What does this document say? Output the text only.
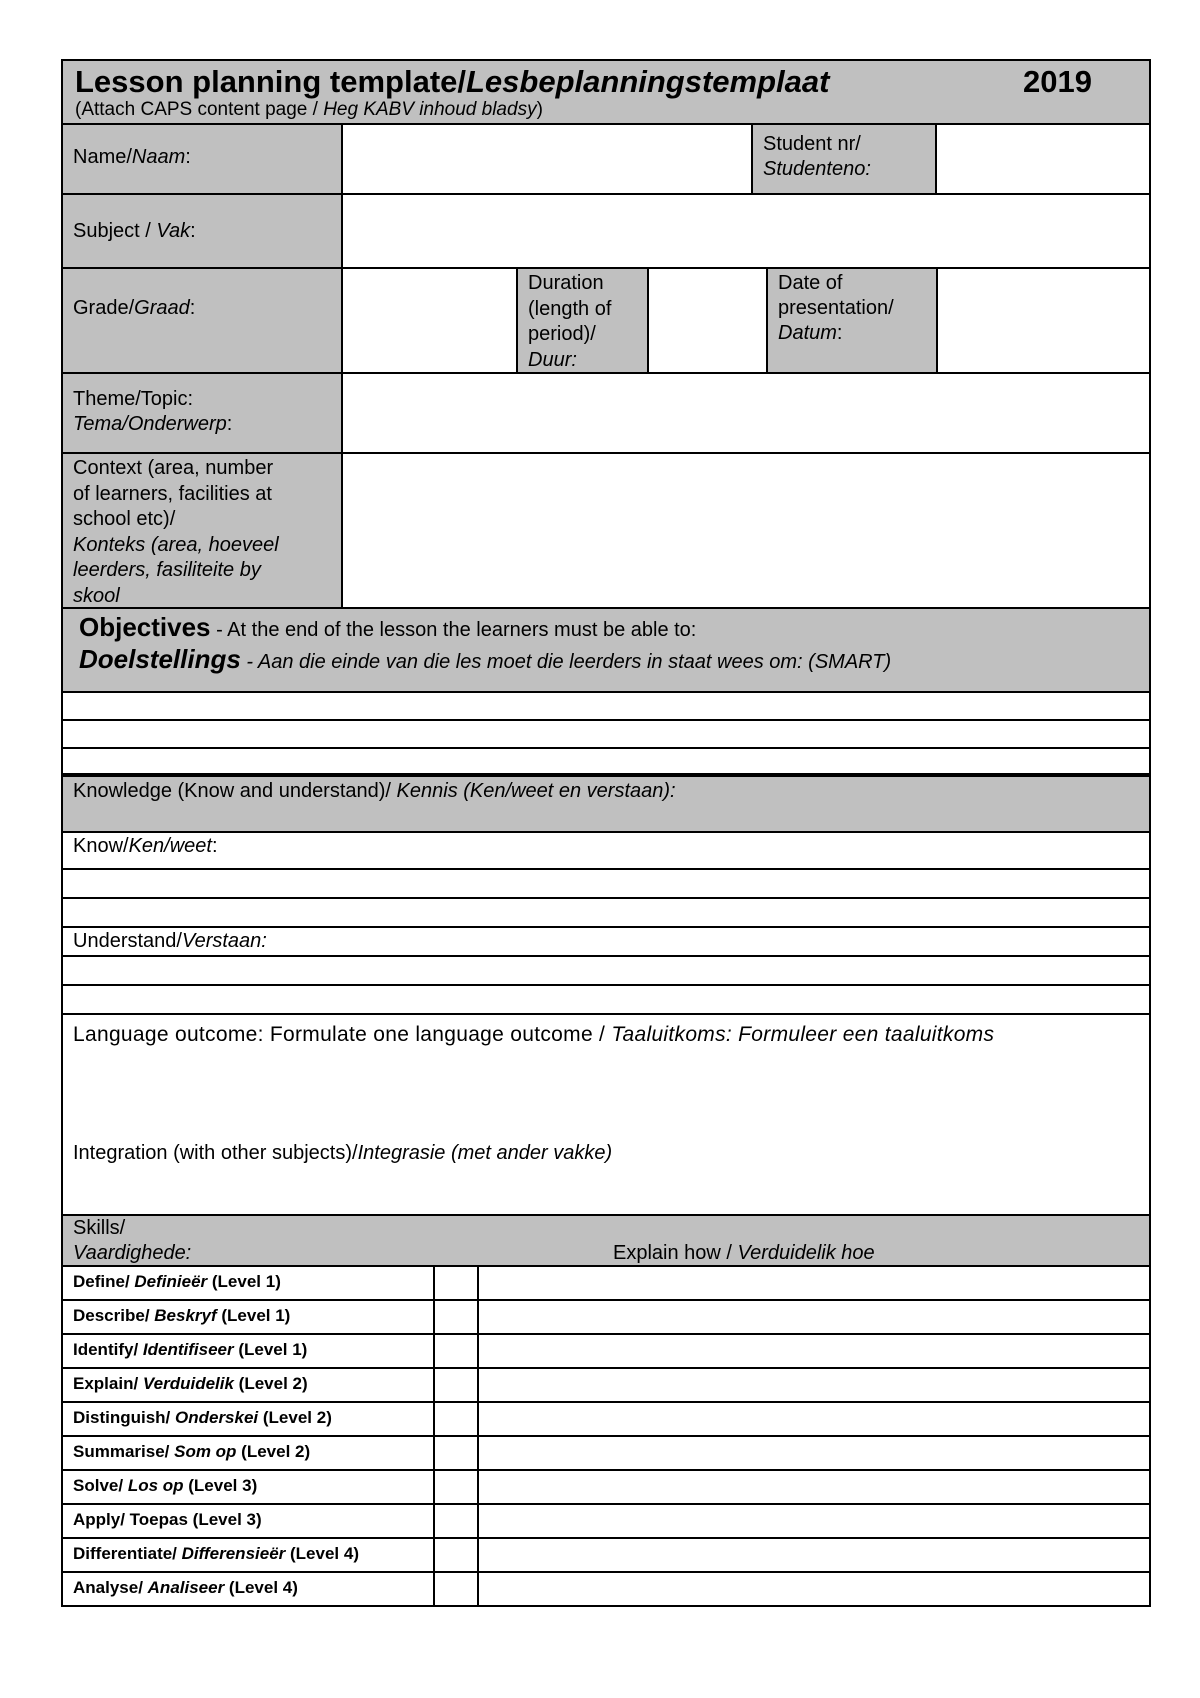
Lesson planning template/Lesbeplanningstemplaat	2019
(Attach CAPS content page / Heg KABV inhoud bladsy)
Name/Naam:
Student nr/
Studenteno:
Subject / Vak:
Grade/Graad:
Duration
(length of
period)/
Duur:
Date of
presentation/
Datum:
Theme/Topic:
Tema/Onderwerp:
Context (area, number
of learners, facilities at
school etc)/
Konteks (area, hoeveel
leerders, fasiliteite by
skool
Objectives - At the end of the lesson the learners must be able to:
Doelstellings - Aan die einde van die les moet die leerders in staat wees om: (SMART)
Knowledge (Know and understand)/ Kennis (Ken/weet en verstaan):
Know/Ken/weet:
Understand/Verstaan:
Language outcome: Formulate one language outcome / Taaluitkoms: Formuleer een taaluitkoms
Integration (with other subjects)/Integrasie (met ander vakke)
Skills/
Vaardighede:	Explain how / Verduidelik hoe
Define/ Definieër (Level 1)
Describe/ Beskryf (Level 1)
Identify/ Identifiseer (Level 1)
Explain/ Verduidelik (Level 2)
Distinguish/ Onderskei (Level 2)
Summarise/ Som op (Level 2)
Solve/ Los op (Level 3)
Apply/ Toepas (Level 3)
Differentiate/ Differensieër (Level 4)
Analyse/ Analiseer (Level 4)
